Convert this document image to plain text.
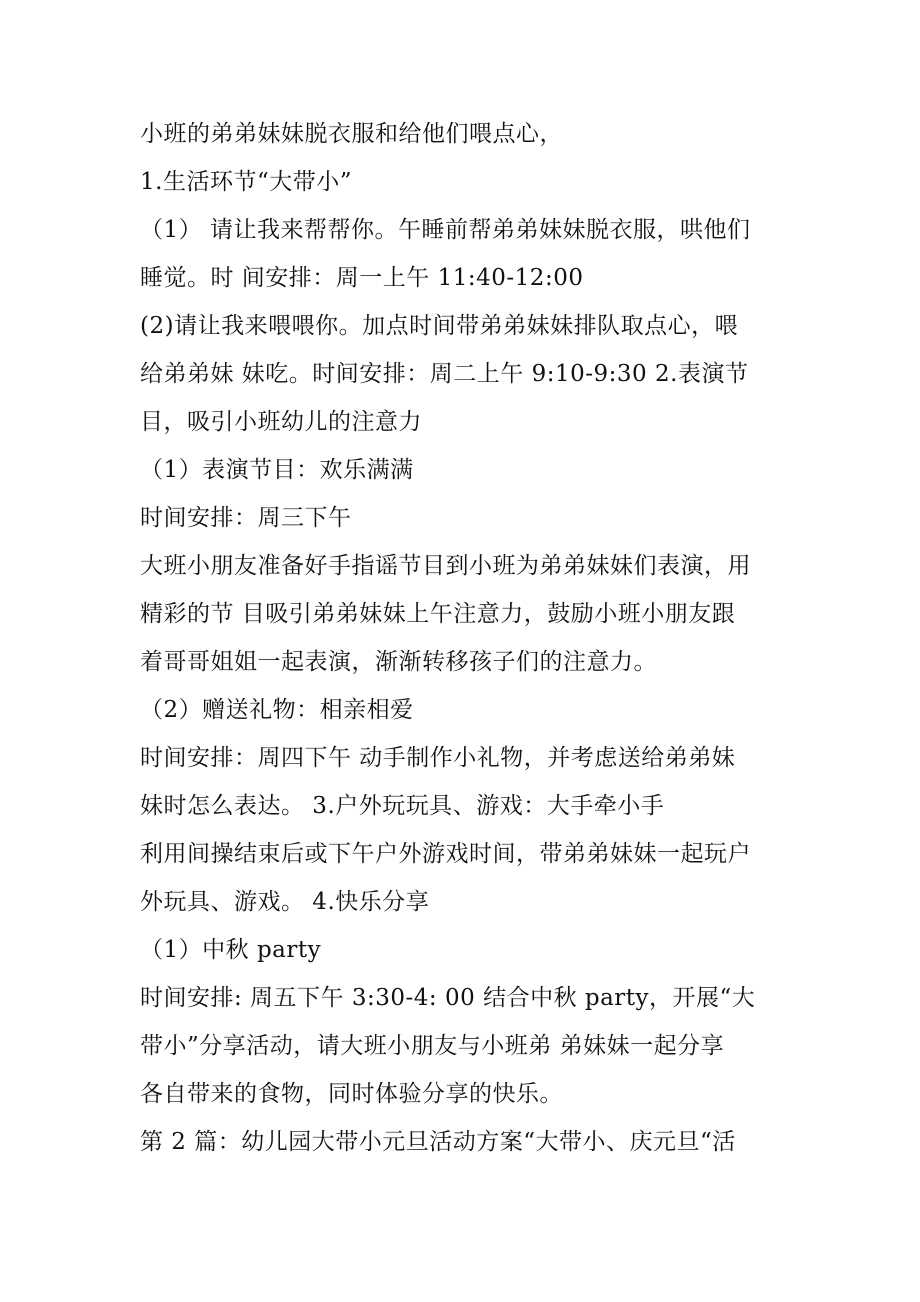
小班的弟弟妹妹脱衣服和给他们喂点心，
1.生活环节“大带小”
（1） 请让我来帮帮你。午睡前帮弟弟妹妹脱衣服，哄他们
睡觉。时 间安排：周一上午 11:40-12:00
(2)请让我来喂喂你。加点时间带弟弟妹妹排队取点心，喂
给弟弟妹 妹吃。时间安排：周二上午 9:10-9:30 2.表演节
目，吸引小班幼儿的注意力
（1）表演节目：欢乐满满
时间安排：周三下午
大班小朋友准备好手指谣节目到小班为弟弟妹妹们表演，用
精彩的节 目吸引弟弟妹妹上午注意力，鼓励小班小朋友跟
着哥哥姐姐一起表演，渐渐转移孩子们的注意力。
（2）赠送礼物：相亲相爱
时间安排：周四下午 动手制作小礼物，并考虑送给弟弟妹
妹时怎么表达。 3.户外玩玩具、游戏：大手牵小手
利用间操结束后或下午户外游戏时间，带弟弟妹妹一起玩户
外玩具、游戏。 4.快乐分享
（1）中秋 party
时间安排: 周五下午 3:30-4: 00 结合中秋 party，开展“大
带小”分享活动，请大班小朋友与小班弟 弟妹妹一起分享
各自带来的食物，同时体验分享的快乐。
第 2 篇：幼儿园大带小元旦活动方案“大带小、庆元旦“活
